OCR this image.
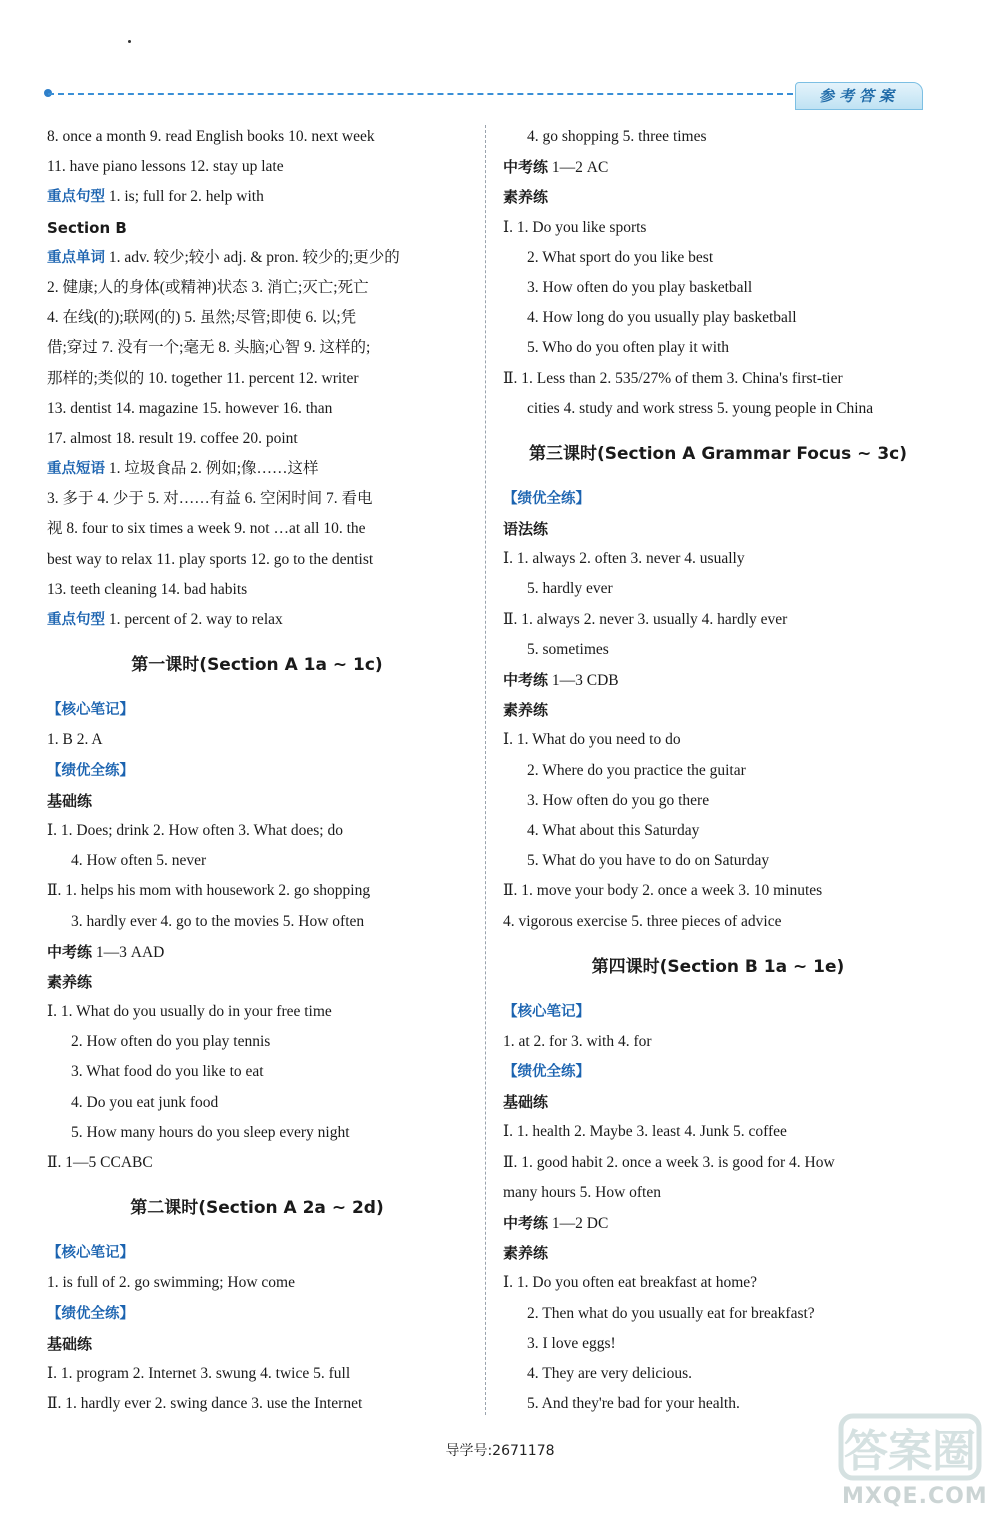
参考答案
8. once a month 9. read English books 10. next week
11. have piano lessons 12. stay up late
重点句型 1. is; full for 2. help with
Section B
重点单词 1. adv. 较少;较小 adj. & pron. 较少的;更少的
2. 健康;人的身体(或精神)状态 3. 消亡;灭亡;死亡
4. 在线(的);联网(的) 5. 虽然;尽管;即使 6. 以;凭
借;穿过 7. 没有一个;毫无 8. 头脑;心智 9. 这样的;
那样的;类似的 10. together 11. percent 12. writer
13. dentist 14. magazine 15. however 16. than
17. almost 18. result 19. coffee 20. point
重点短语 1. 垃圾食品 2. 例如;像……这样
3. 多于 4. 少于 5. 对……有益 6. 空闲时间 7. 看电
视 8. four to six times a week 9. not …at all 10. the
best way to relax 11. play sports 12. go to the dentist
13. teeth cleaning 14. bad habits
重点句型 1. percent of 2. way to relax
第一课时(Section A 1a ~ 1c)
【核心笔记】
1. B 2. A
【绩优全练】
基础练
Ⅰ. 1. Does; drink 2. How often 3. What does; do
4. How often 5. never
Ⅱ. 1. helps his mom with housework 2. go shopping
3. hardly ever 4. go to the movies 5. How often
中考练 1—3 AAD
素养练
Ⅰ. 1. What do you usually do in your free time
2. How often do you play tennis
3. What food do you like to eat
4. Do you eat junk food
5. How many hours do you sleep every night
Ⅱ. 1—5 CCABC
第二课时(Section A 2a ~ 2d)
【核心笔记】
1. is full of 2. go swimming; How come
【绩优全练】
基础练
Ⅰ. 1. program 2. Internet 3. swung 4. twice 5. full
Ⅱ. 1. hardly ever 2. swing dance 3. use the Internet
4. go shopping 5. three times
中考练 1—2 AC
素养练
Ⅰ. 1. Do you like sports
2. What sport do you like best
3. How often do you play basketball
4. How long do you usually play basketball
5. Who do you often play it with
Ⅱ. 1. Less than 2. 535/27% of them 3. China's first-tier
cities 4. study and work stress 5. young people in China
第三课时(Section A Grammar Focus ~ 3c)
【绩优全练】
语法练
Ⅰ. 1. always 2. often 3. never 4. usually
5. hardly ever
Ⅱ. 1. always 2. never 3. usually 4. hardly ever
5. sometimes
中考练 1—3 CDB
素养练
Ⅰ. 1. What do you need to do
2. Where do you practice the guitar
3. How often do you go there
4. What about this Saturday
5. What do you have to do on Saturday
Ⅱ. 1. move your body 2. once a week 3. 10 minutes
4. vigorous exercise 5. three pieces of advice
第四课时(Section B 1a ~ 1e)
【核心笔记】
1. at 2. for 3. with 4. for
【绩优全练】
基础练
Ⅰ. 1. health 2. Maybe 3. least 4. Junk 5. coffee
Ⅱ. 1. good habit 2. once a week 3. is good for 4. How
many hours 5. How often
中考练 1—2 DC
素养练
Ⅰ. 1. Do you often eat breakfast at home?
2. Then what do you usually eat for breakfast?
3. I love eggs!
4. They are very delicious.
5. And they're bad for your health.
导学号:2671178	答案圈
MXQE.COM
